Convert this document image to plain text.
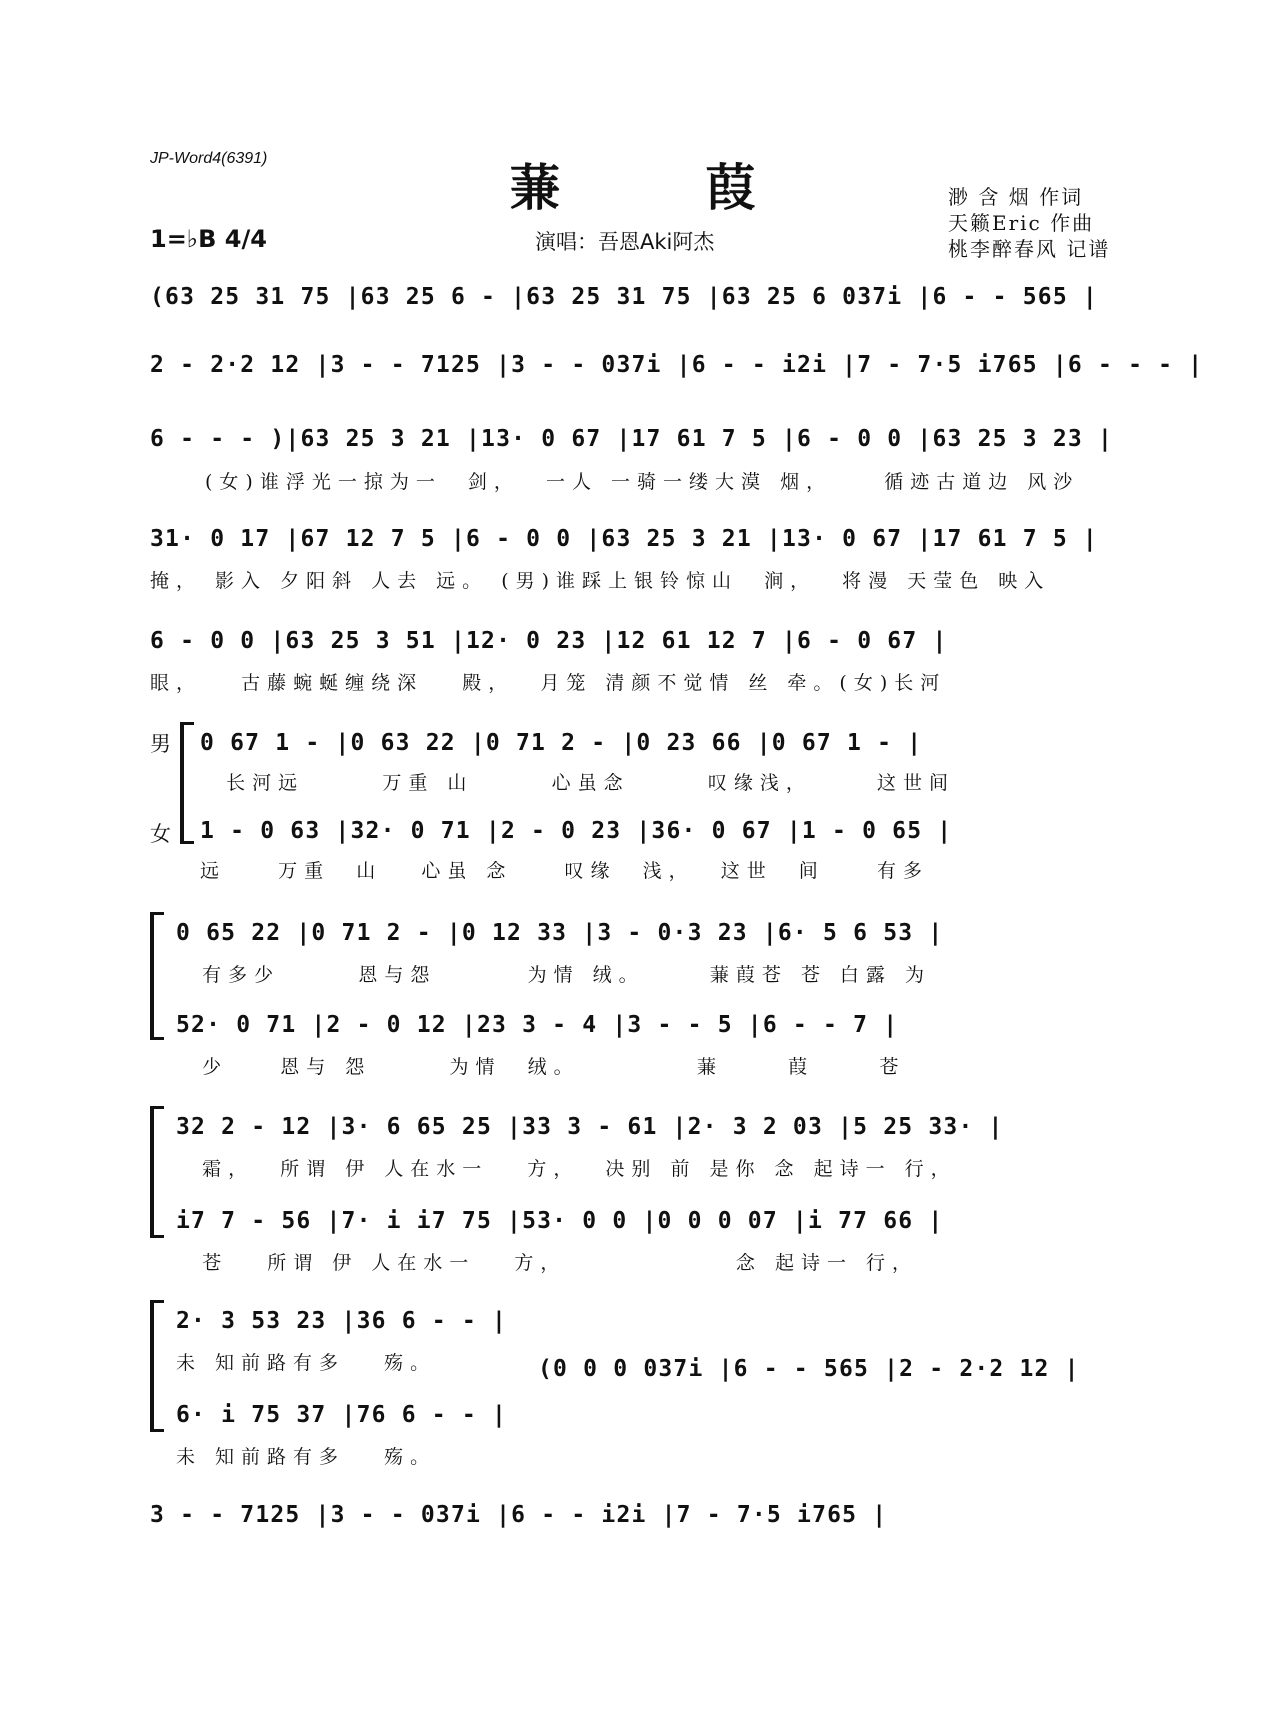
JP-Word4(6391)	蒹 葭
1=♭B 4/4	演唱：吾恩Aki阿杰
渺 含 烟 作词
天籁Eric 作曲
桃李醉春风 记谱
(63 25 31 75 |63 25 6 - |63 25 31 75 |63 25 6 037i |6 - - 565 |
2 - 2·2 12 |3 - - 7125 |3 - - 037i |6 - - i2i |7 - 7·5 i765 |6 - - - |
6 - - - )|63 25 3 21 |13· 0 67 |17 61 7 5 |6 - 0 0 |63 25 3 23 |
(女)谁浮光一掠为一  剑，  一人 一骑一缕大漠 烟，    循迹古道边 风沙
31· 0 17 |67 12 7 5 |6 - 0 0 |63 25 3 21 |13· 0 67 |17 61 7 5 |
掩， 影入 夕阳斜 人去 远。 (男)谁踩上银铃惊山  涧，  将漫 天莹色 映入
6 - 0 0 |63 25 3 51 |12· 0 23 |12 61 12 7 |6 - 0 67 |
眼，   古藤蜿蜒缠绕深   殿，  月笼 清颜不觉情 丝 牵。(女)长河
男
女
0 67 1 - |0 63 22 |0 71 2 - |0 23 66 |0 67 1 - |
长河远      万重 山      心虽念      叹缘浅，     这世间
1 - 0 63 |32· 0 71 |2 - 0 23 |36· 0 67 |1 - 0 65 |
远    万重  山   心虽 念    叹缘  浅，  这世  间    有多
0 65 22 |0 71 2 - |0 12 33 |3 - 0·3 23 |6· 5 6 53 |
有多少      恩与怨       为情 绒。     蒹葭苍 苍 白露 为
52· 0 71 |2 - 0 12 |23 3 - 4 |3 - - 5 |6 - - 7 |
少    恩与 怨      为情  绒。         蒹     葭     苍
32 2 - 12 |3· 6 65 25 |33 3 - 61 |2· 3 2 03 |5 25 33· |
霜，  所谓 伊 人在水一   方，  决别 前 是你 念 起诗一 行，
i7 7 - 56 |7· i i7 75 |53· 0 0 |0 0 0 07 |i 77 66 |
苍   所谓 伊 人在水一   方，             念 起诗一 行，
2· 3 53 23 |36 6 - - |
未 知前路有多   殇。
6· i 75 37 |76 6 - - |
未 知前路有多   殇。
(0 0 0 037i |6 - - 565 |2 - 2·2 12 |
3 - - 7125 |3 - - 037i |6 - - i2i |7 - 7·5 i765 |
